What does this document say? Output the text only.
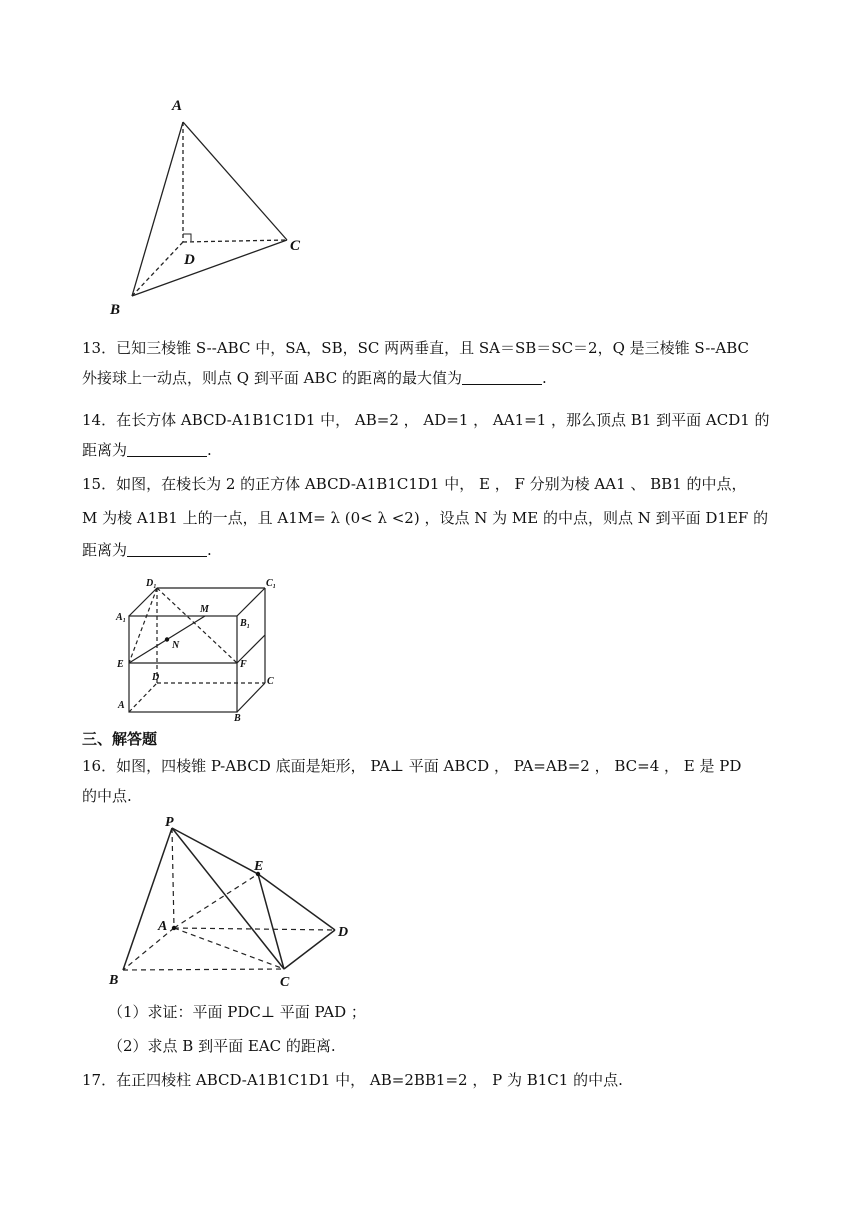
A
B
C
D
13．已知三棱锥 S--ABC 中，SA，SB，SC 两两垂直，且 SA＝SB＝SC＝2，Q 是三棱锥 S--ABC
外接球上一动点，则点 Q 到平面 ABC 的距离的最大值为	.
14．在长方体 ABCD-A1B1C1D1 中， AB=2 ， AD=1 ， AA1=1 ，那么顶点 B1 到平面 ACD1 的
距离为	.
15．如图，在棱长为 2 的正方体 ABCD-A1B1C1D1 中， E ， F 分别为棱 AA1 、 BB1 的中点，
M 为棱 A1B1 上的一点，且 A1M= λ (0< λ <2) ，设点 N 为 ME 的中点，则点 N 到平面 D1EF 的
距离为	.
D₁	C₁
A₁
B₁
M
N
E	F
D	C
A
B
三、解答题
16．如图，四棱锥 P-ABCD 底面是矩形， PA⊥ 平面 ABCD ， PA=AB=2 ， BC=4 ， E 是 PD
的中点.
P
E
A	D
B	C
（1）求证：平面 PDC⊥ 平面 PAD ；
（2）求点 B 到平面 EAC 的距离.
17．在正四棱柱 ABCD-A1B1C1D1 中， AB=2BB1=2 ， P 为 B1C1 的中点.
